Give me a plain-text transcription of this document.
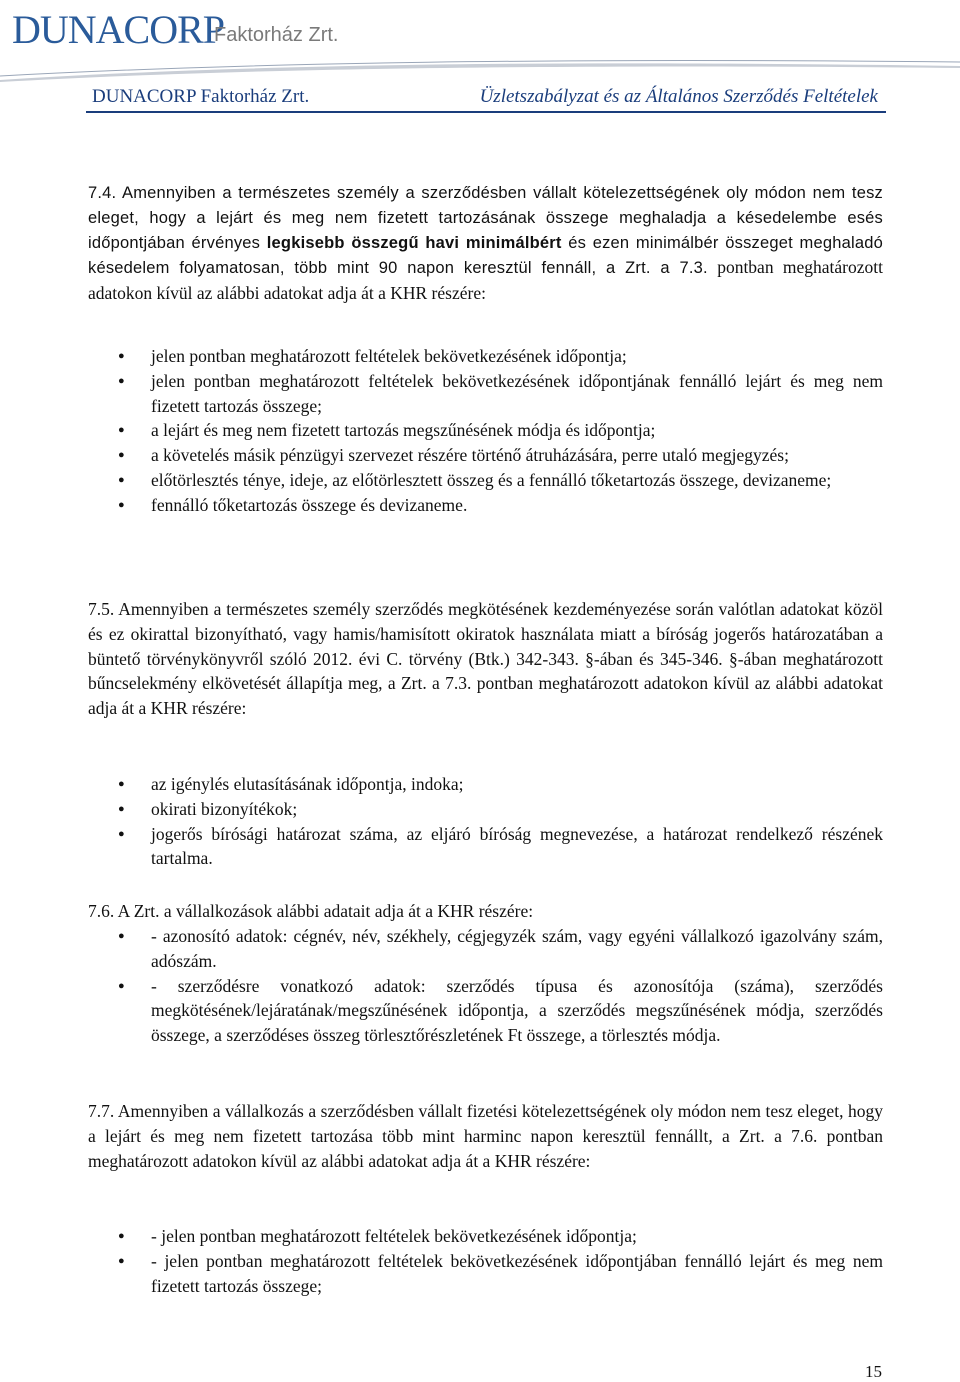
DUNACORP
Faktorház Zrt.
DUNACORP Faktorház Zrt.	Üzletszabályzat és az Általános Szerződés Feltételek
7.4. Amennyiben a természetes személy a szerződésben vállalt kötelezettségének oly módon nem tesz eleget, hogy a lejárt és meg nem fizetett tartozásának összege meghaladja a késedelembe esés időpontjában érvényes legkisebb összegű havi minimálbért és ezen minimálbér összeget meghaladó késedelem folyamatosan, több mint 90 napon keresztül fennáll, a Zrt. a 7.3. pontban meghatározott adatokon kívül az alábbi adatokat adja át a KHR részére:
● jelen pontban meghatározott feltételek bekövetkezésének időpontja;
● jelen pontban meghatározott feltételek bekövetkezésének időpontjának fennálló lejárt és meg nem fizetett tartozás összege;
● a lejárt és meg nem fizetett tartozás megszűnésének módja és időpontja;
● a követelés másik pénzügyi szervezet részére történő átruházására, perre utaló megjegyzés;
● előtörlesztés ténye, ideje, az előtörlesztett összeg és a fennálló tőketartozás összege, devizaneme;
● fennálló tőketartozás összege és devizaneme.
7.5. Amennyiben a természetes személy szerződés megkötésének kezdeményezése során valótlan adatokat közöl és ez okirattal bizonyítható, vagy hamis/hamisított okiratok használata miatt a bíróság jogerős határozatában a büntető törvénykönyvről szóló 2012. évi C. törvény (Btk.) 342-343. §-ában és 345-346. §-ában meghatározott bűncselekmény elkövetését állapítja meg, a Zrt. a 7.3. pontban meghatározott adatokon kívül az alábbi adatokat adja át a KHR részére:
● az igénylés elutasításának időpontja, indoka;
● okirati bizonyítékok;
● jogerős bírósági határozat száma, az eljáró bíróság megnevezése, a határozat rendelkező részének tartalma.
7.6. A Zrt. a vállalkozások alábbi adatait adja át a KHR részére:
● - azonosító adatok: cégnév, név, székhely, cégjegyzék szám, vagy egyéni vállalkozó igazolvány szám, adószám.
● - szerződésre vonatkozó adatok: szerződés típusa és azonosítója (száma), szerződés megkötésének/lejáratának/megszűnésének időpontja, a szerződés megszűnésének módja, szerződés összege, a szerződéses összeg törlesztőrészletének Ft összege, a törlesztés módja.
7.7. Amennyiben a vállalkozás a szerződésben vállalt fizetési kötelezettségének oly módon nem tesz eleget, hogy a lejárt és meg nem fizetett tartozása több mint harminc napon keresztül fennállt, a Zrt. a 7.6. pontban meghatározott adatokon kívül az alábbi adatokat adja át a KHR részére:
● - jelen pontban meghatározott feltételek bekövetkezésének időpontja;
● - jelen pontban meghatározott feltételek bekövetkezésének időpontjában fennálló lejárt és meg nem fizetett tartozás összege;
15
